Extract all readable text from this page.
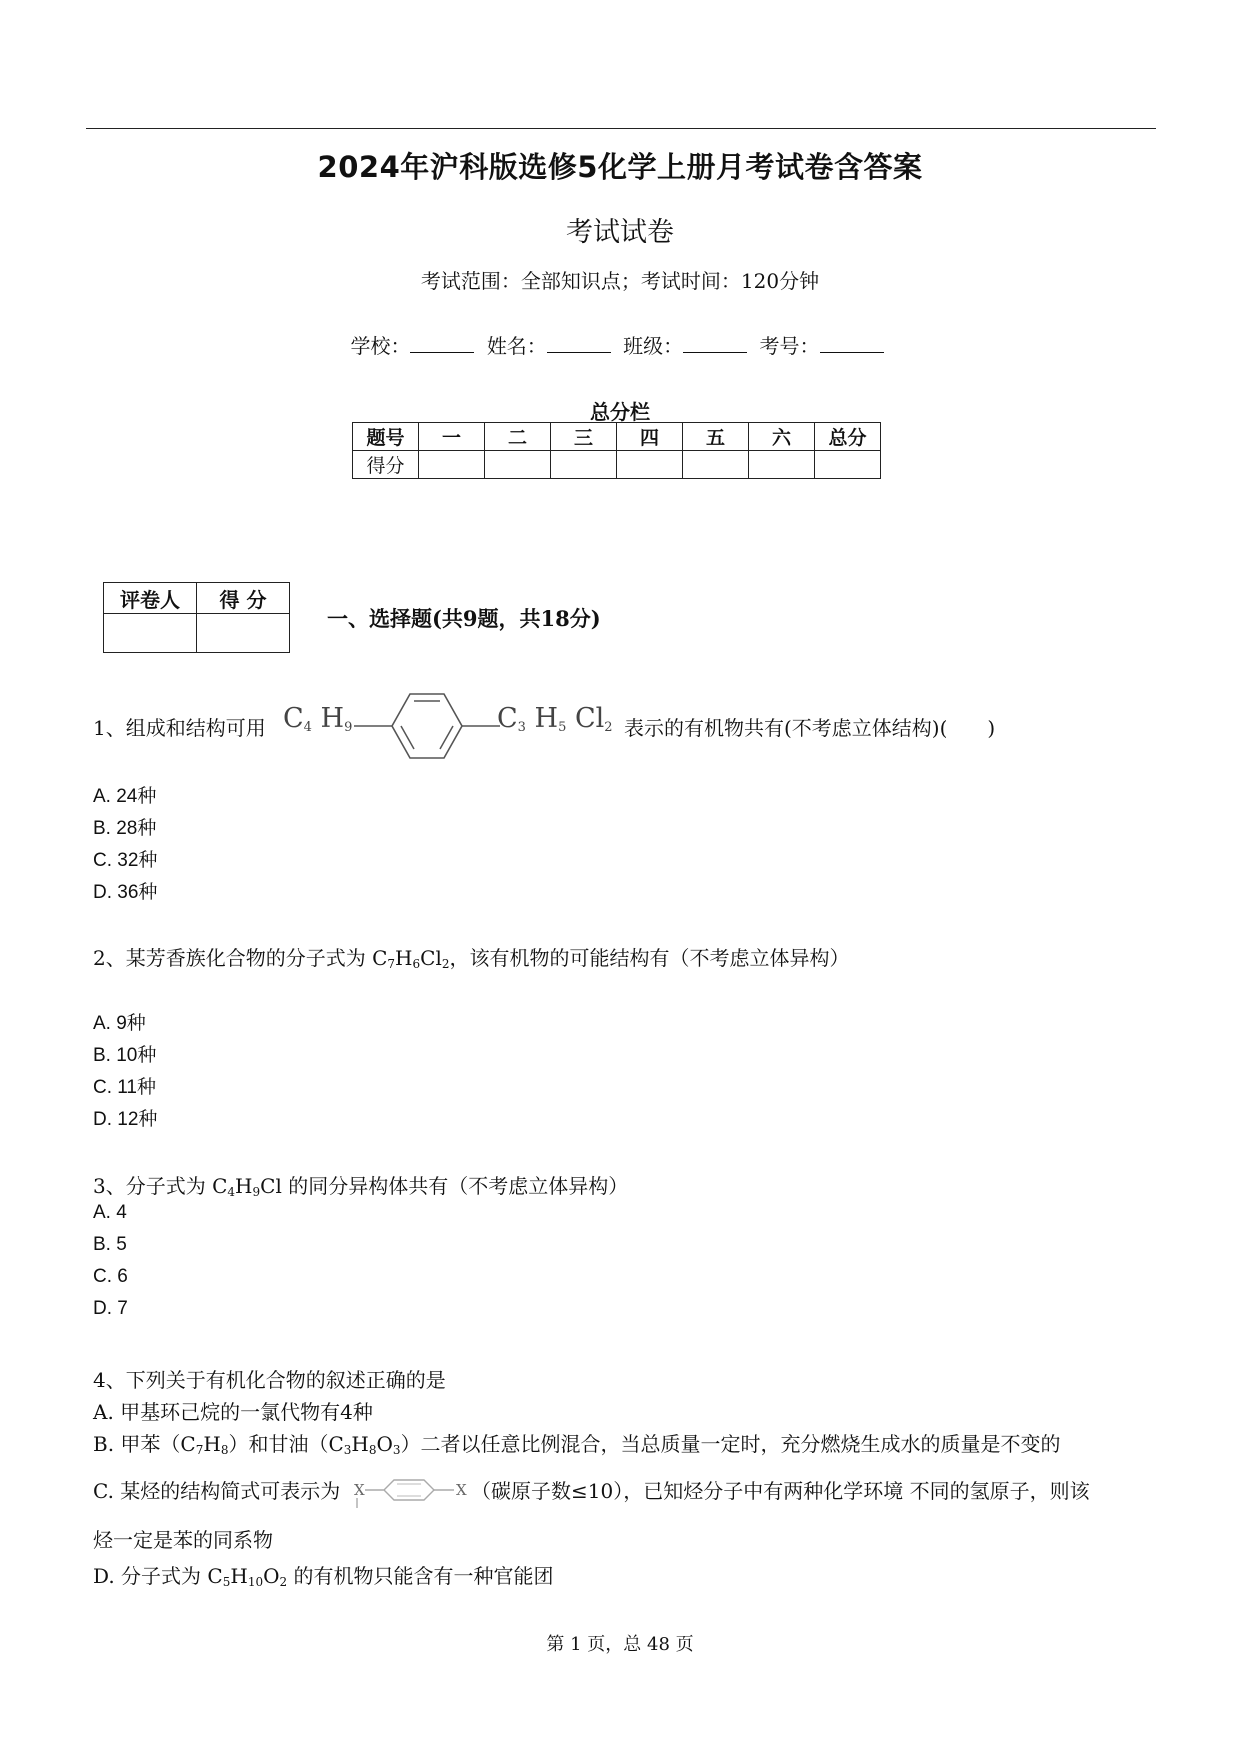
2024年沪科版选修5化学上册月考试卷含答案
考试试卷
考试范围：全部知识点；考试时间：120分钟
学校：	姓名：	班级：	考号：
总分栏
题号	一	二	三	四	五	六	总分
得分							
评卷人	得 分

一、选择题(共9题，共18分)
1、组成和结构可用 $C_4$ $H_9$	$C_3$ $H_5$ $Cl_2$ 表示的有机物共有(不考虑立体结构)(　　)
A. 24种
B. 28种
C. 32种
D. 36种
2、某芳香族化合物的分子式为 $C_7H_6Cl_2$，该有机物的可能结构有（不考虑立体异构）
A. 9种
B. 10种
C. 11种
D. 12种
3、分子式为 $C_4H_9Cl$ 的同分异构体共有（不考虑立体异构）
A. 4
B. 5
C. 6
D. 7
4、下列关于有机化合物的叙述正确的是
A. 甲基环己烷的一氯代物有4种
B. 甲苯$(C_7H_8)$和甘油$(C_3H_8O_3)$二者以任意比例混合，当总质量一定时，充分燃烧生成水的质量是不变的
C. 某烃的结构简式可表示为 X	X （碳原子数≤10），已知烃分子中有两种化学环境 不同的氢原子，则该
烃一定是苯的同系物
D. 分子式为 $C_5H_{10}O_2$ 的有机物只能含有一种官能团
第 1 页，总 48 页
